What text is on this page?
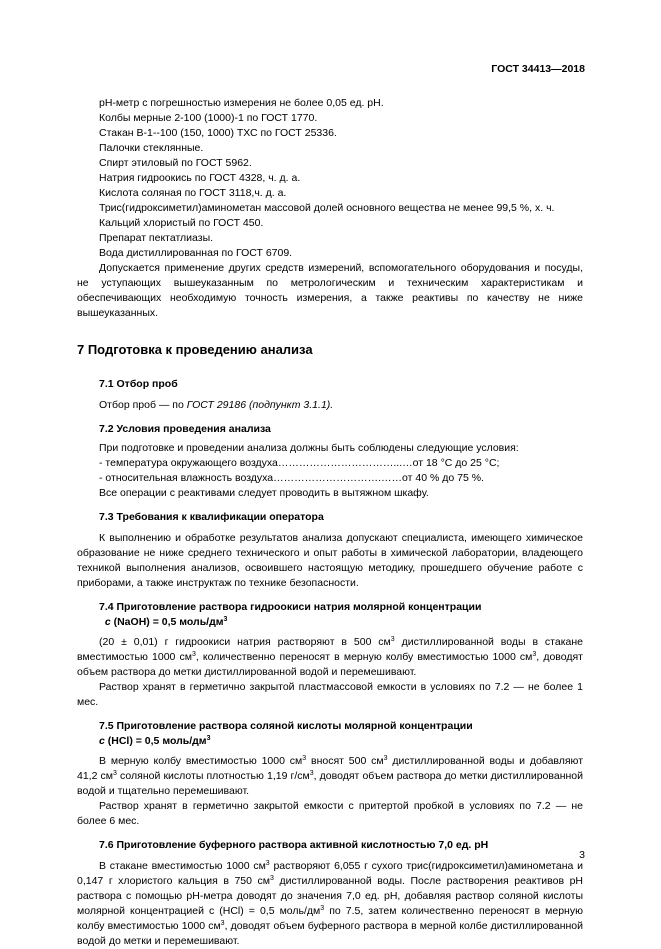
ГОСТ 34413—2018

pH-метр с погрешностью измерения не более 0,05 ед. pH.

Колбы мерные 2-100 (1000)-1 по ГОСТ 1770.

Стакан В-1--100 (150, 1000) ТХС по ГОСТ 25336.

Палочки стеклянные.

Спирт этиловый по ГОСТ 5962.

Натрия гидроокись по ГОСТ 4328, ч. д. а.

Кислота соляная по ГОСТ 3118,ч. д. а.

Трис(гидроксиметил)аминометан массовой долей основного вещества не менее 99,5 %, х. ч.

Кальций хлористый по ГОСТ 450.

Препарат пектатлиазы.

Вода дистиллированная по ГОСТ 6709.

Допускается применение других средств измерений, вспомогательного оборудования и посуды, не уступающих вышеуказанным по метрологическим и техническим характеристикам и обеспечивающих необходимую точность измерения, а также реактивы по качеству не ниже вышеуказанных.

7 Подготовка к проведению анализа

7.1 Отбор проб

Отбор проб — по ГОСТ 29186 (подпункт 3.1.1).

7.2 Условия проведения анализа

При подготовке и проведении анализа должны быть соблюдены следующие условия:

- температура окружающего воздуха……………………………...…от 18 °С до 25 °С;

- относительная влажность воздуха………………………….……от 40 % до 75 %.

Все операции с реактивами следует проводить в вытяжном шкафу.

7.3 Требования к квалификации оператора

К выполнению и обработке результатов анализа допускают специалиста, имеющего химическое образование не ниже среднего технического и опыт работы в химической лаборатории, владеющего техникой выполнения анализов, освоившего настоящую методику, прошедшего обучение работе с приборами, а также инструктаж по технике безопасности.

7.4 Приготовление раствора гидроокиси натрия молярной концентрации
с (NaOH) = 0,5 моль/$дм^3$

(20 ± 0,01) г гидроокиси натрия растворяют в 500 $см^3$ дистиллированной воды в стакане вместимостью 1000 $см^3$, количественно переносят в мерную колбу вместимостью 1000 $см^3$, доводят объем раствора до метки дистиллированной водой и перемешивают.

Раствор хранят в герметично закрытой пластмассовой емкости в условиях по 7.2 — не более 1 мес.

7.5 Приготовление раствора соляной кислоты молярной концентрации
с (HCl) = 0,5 моль/$дм^3$

В мерную колбу вместимостью 1000 $см^3$ вносят 500 $см^3$ дистиллированной воды и добавляют 41,2 $см^3$ соляной кислоты плотностью 1,19 $г/см^3$, доводят объем раствора до метки дистиллированной водой и тщательно перемешивают.

Раствор хранят в герметично закрытой емкости с притертой пробкой в условиях по 7.2 — не более 6 мес.

7.6 Приготовление буферного раствора активной кислотностью 7,0 ед. pH

В стакане вместимостью 1000 $см^3$ растворяют 6,055 г сухого трис(гидроксиметил)аминометана и 0,147 г хлористого кальция в 750 $см^3$ дистиллированной воды. После растворения реактивов pH раствора с помощью pH-метра доводят до значения 7,0 ед. pH, добавляя раствор соляной кислоты молярной концентрацией с (HCl) = 0,5 моль/$дм^3$ по 7.5, затем количественно переносят в мерную колбу вместимостью 1000 $см^3$, доводят объем буферного раствора в мерной колбе дистиллированной водой до метки и перемешивают.

3
